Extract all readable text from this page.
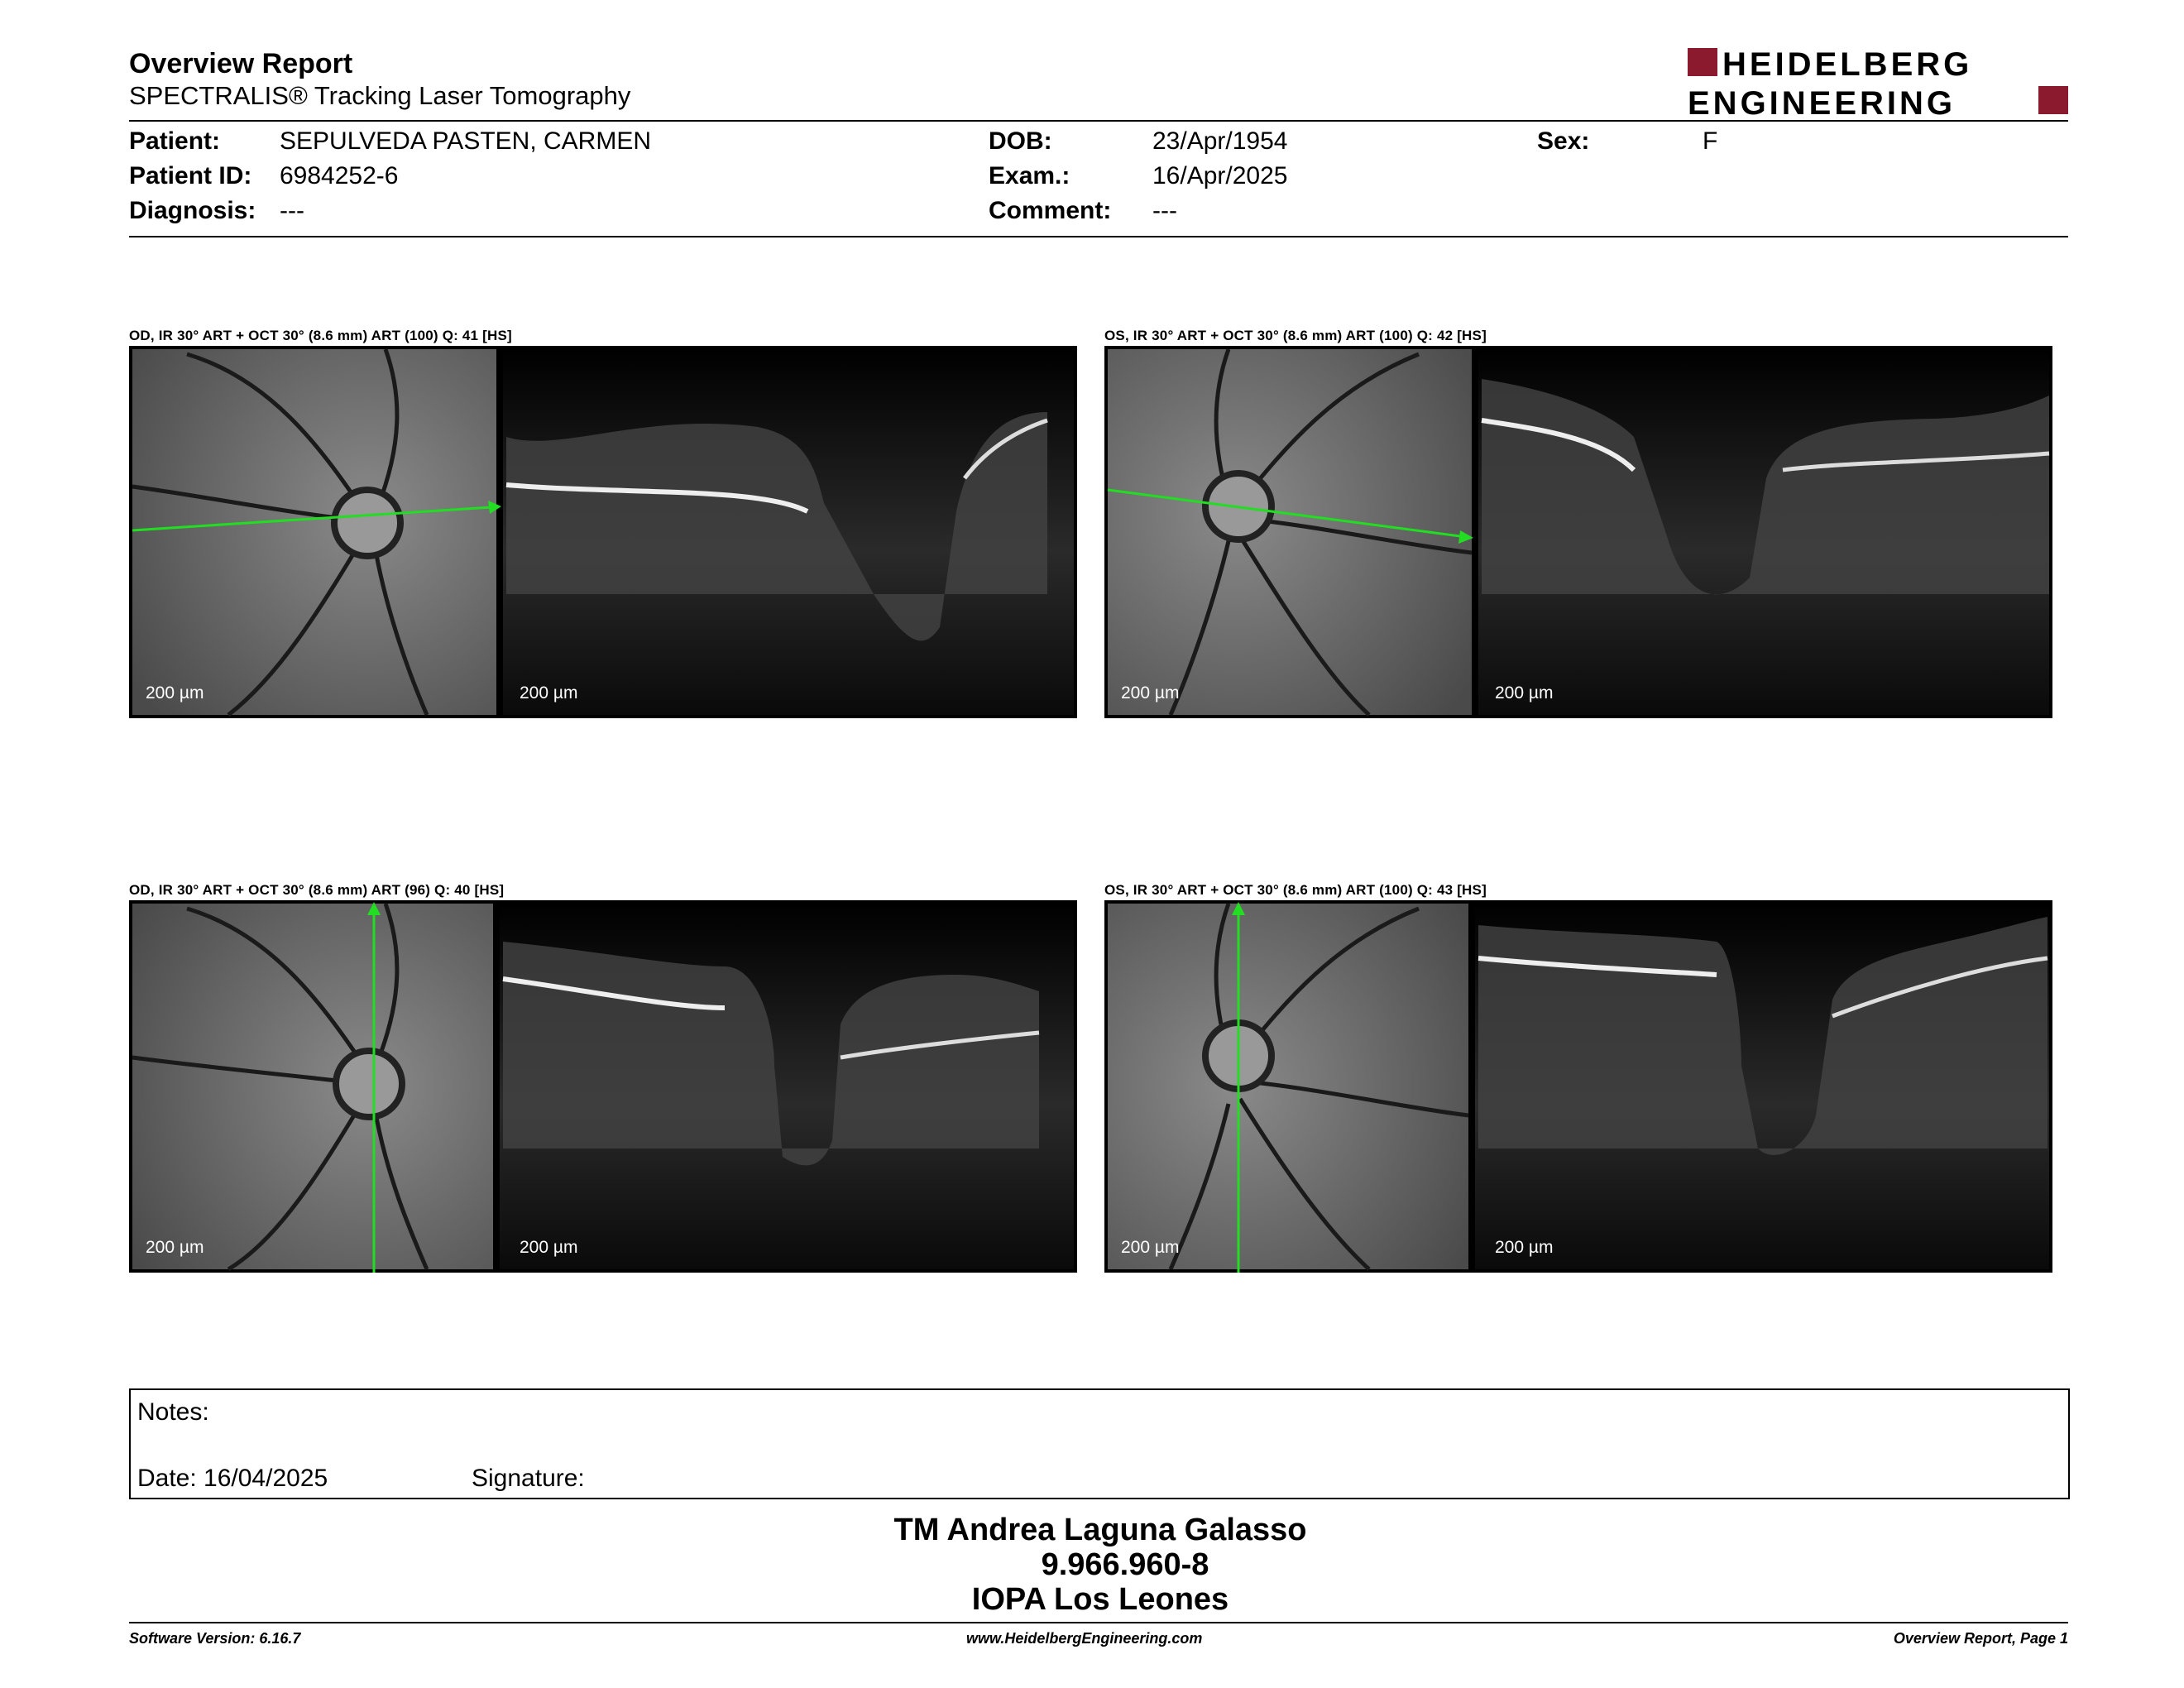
Overview Report
SPECTRALIS® Tracking Laser Tomography
HEIDELBERG
ENGINEERING
Patient: SEPULVEDA PASTEN, CARMEN
Patient ID: 6984252-6
Diagnosis: ---
DOB:	23/Apr/1954
Exam.:	16/Apr/2025
Comment: ---
Sex:	F
OD, IR 30° ART + OCT 30° (8.6 mm) ART (100) Q: 41 [HS]
200 µm	200 µm
OS, IR 30° ART + OCT 30° (8.6 mm) ART (100) Q: 42 [HS]
200 µm	200 µm
OD, IR 30° ART + OCT 30° (8.6 mm) ART (96) Q: 40 [HS]
200 µm	200 µm
OS, IR 30° ART + OCT 30° (8.6 mm) ART (100) Q: 43 [HS]
200 µm	200 µm
Notes:
Date: 16/04/2025	Signature:
TM Andrea Laguna Galasso
9.966.960-8
IOPA Los Leones
Software Version: 6.16.7	www.HeidelbergEngineering.com	Overview Report, Page 1
